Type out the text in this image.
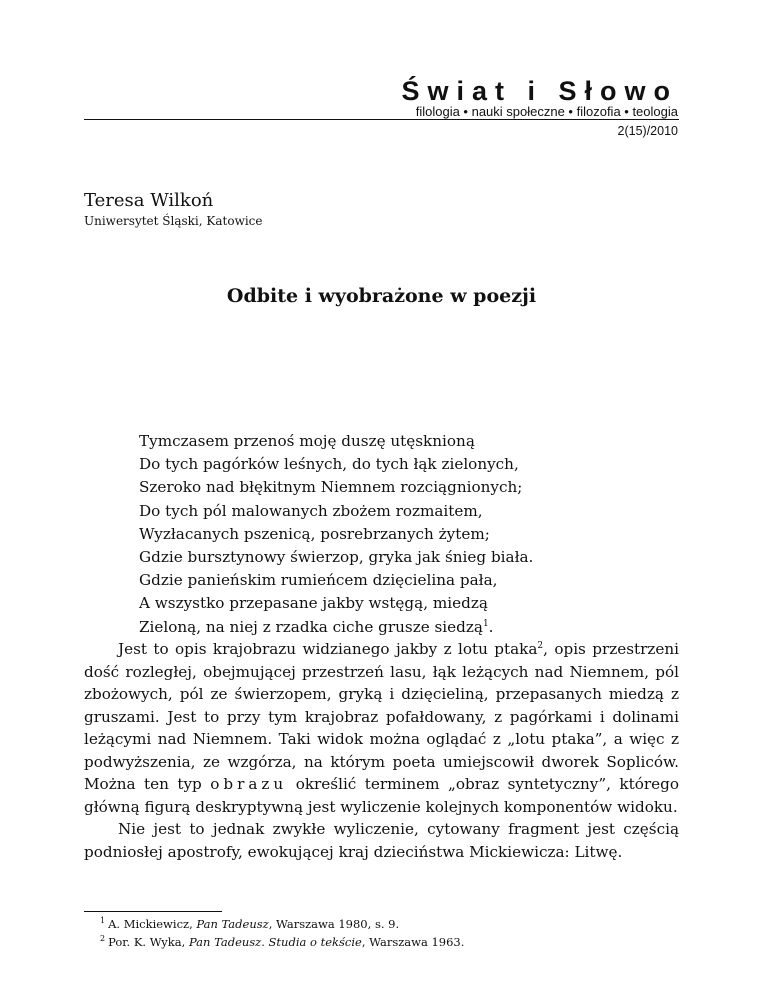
Świat i Słowo
filologia • nauki społeczne • filozofia • teologia
2(15)/2010
Teresa Wilkoń
Uniwersytet Śląski, Katowice
Odbite i wyobrażone w poezji
Tymczasem przenoś moję duszę utęsknioną
Do tych pagórków leśnych, do tych łąk zielonych,
Szeroko nad błękitnym Niemnem rozciągnionych;
Do tych pól malowanych zbożem rozmaitem,
Wyzłacanych pszenicą, posrebrzanych żytem;
Gdzie bursztynowy świerzop, gryka jak śnieg biała.
Gdzie panieńskim rumieńcem dzięcielina pała,
A wszystko przepasane jakby wstęgą, miedzą
Zieloną, na niej z rzadka ciche grusze siedzą$^1$.

Jest to opis krajobrazu widzianego jakby z lotu ptaka$^2$, opis przestrzeni dość rozległej, obejmującej przestrzeń lasu, łąk leżących nad Niemnem, pól zbożowych, pól ze świerzopem, gryką i dzięcieliną, przepasanych miedzą z gruszami. Jest to przy tym krajobraz pofałdowany, z pagórkami i dolinami leżącymi nad Niemnem. Taki widok można oglądać z „lotu ptaka”, a więc z podwyższenia, ze wzgórza, na którym poeta umiejscowił dworek Sopliców. Można ten typ obrazu określić terminem „obraz syntetyczny”, którego główną figurą deskryptywną jest wyliczenie kolejnych komponentów widoku.

Nie jest to jednak zwykłe wyliczenie, cytowany fragment jest częścią podniosłej apostrofy, ewokującej kraj dzieciństwa Mickiewicza: Litwę.

$^1$ A. Mickiewicz, Pan Tadeusz, Warszawa 1980, s. 9.
$^2$ Por. K. Wyka, Pan Tadeusz. Studia o tekście, Warszawa 1963.
